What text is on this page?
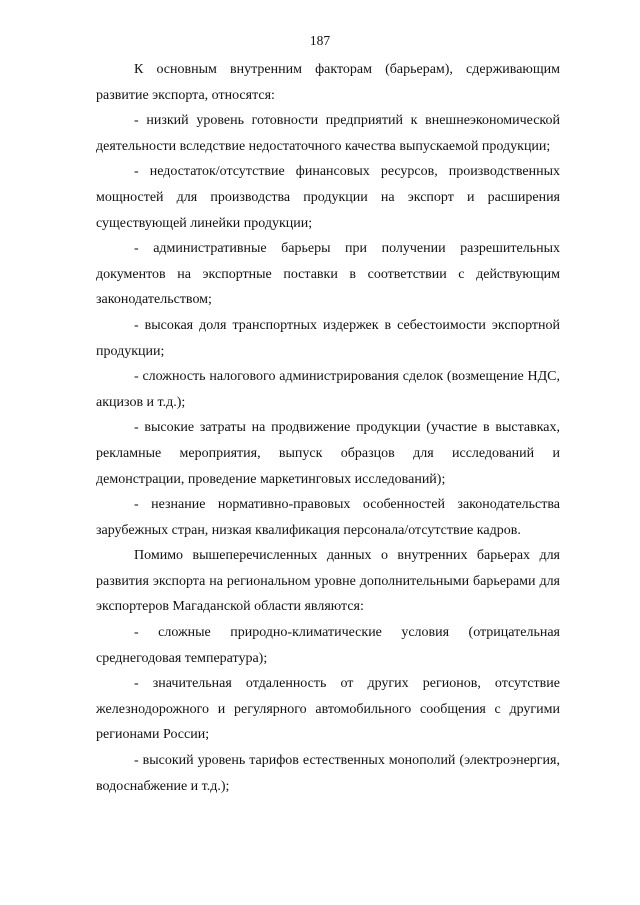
187

К основным внутренним факторам (барьерам), сдерживающим развитие экспорта, относятся:

- низкий уровень готовности предприятий к внешнеэкономической деятельности вследствие недостаточного качества выпускаемой продукции;

- недостаток/отсутствие финансовых ресурсов, производственных мощностей для производства продукции на экспорт и расширения существующей линейки продукции;

- административные барьеры при получении разрешительных документов на экспортные поставки в соответствии с действующим законодательством;

- высокая доля транспортных издержек в себестоимости экспортной продукции;

- сложность налогового администрирования сделок (возмещение НДС, акцизов и т.д.);

- высокие затраты на продвижение продукции (участие в выставках, рекламные мероприятия, выпуск образцов для исследований и демонстрации, проведение маркетинговых исследований);

- незнание нормативно-правовых особенностей законодательства зарубежных стран, низкая квалификация персонала/отсутствие кадров.

Помимо вышеперечисленных данных о внутренних барьерах для развития экспорта на региональном уровне дополнительными барьерами для экспортеров Магаданской области являются:

- сложные природно-климатические условия (отрицательная среднегодовая температура);

- значительная отдаленность от других регионов, отсутствие железнодорожного и регулярного автомобильного сообщения с другими регионами России;

- высокий уровень тарифов естественных монополий (электроэнергия, водоснабжение и т.д.);
